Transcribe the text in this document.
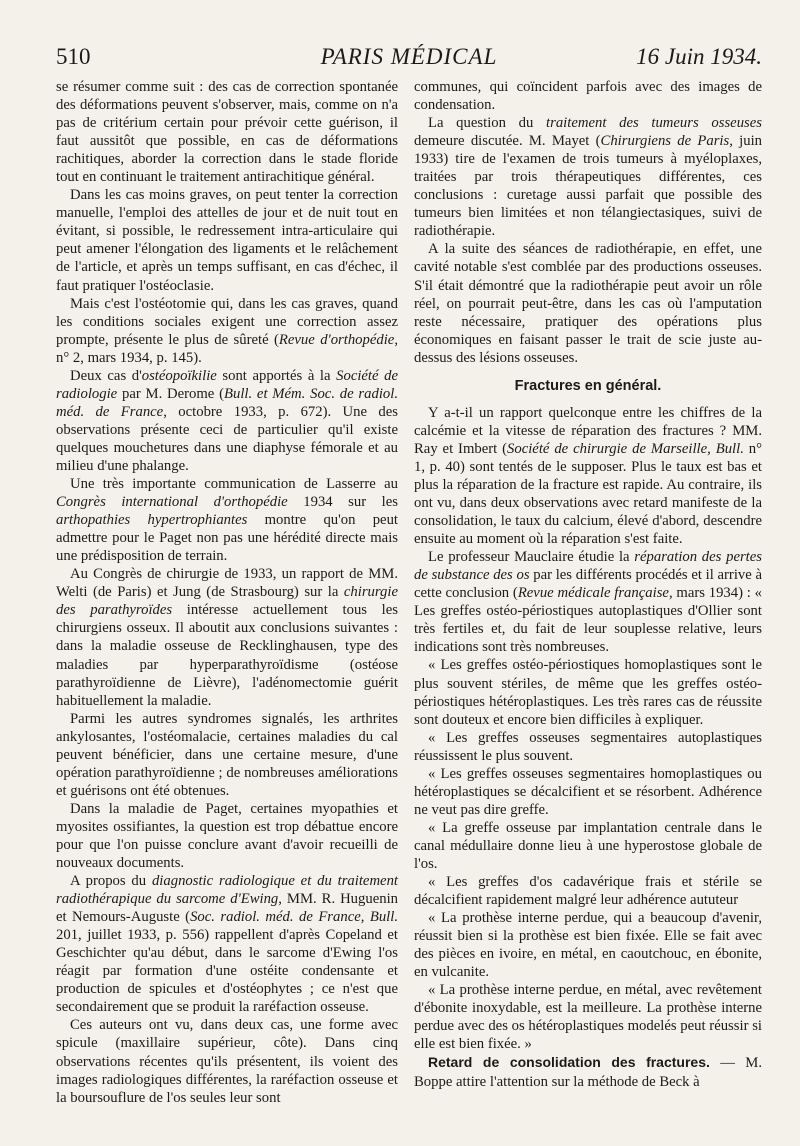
510	PARIS MÉDICAL	16 Juin 1934.

se résumer comme suit : des cas de correction spontanée des déformations peuvent s'observer, mais, comme on n'a pas de critérium certain pour prévoir cette guérison, il faut aussitôt que possible, en cas de déformations rachitiques, aborder la correction dans le stade floride tout en continuant le traitement antirachitique général.

Dans les cas moins graves, on peut tenter la correction manuelle, l'emploi des attelles de jour et de nuit tout en évitant, si possible, le redressement intra-articulaire qui peut amener l'élongation des ligaments et le relâchement de l'article, et après un temps suffisant, en cas d'échec, il faut pratiquer l'ostéoclasie.

Mais c'est l'ostéotomie qui, dans les cas graves, quand les conditions sociales exigent une correction assez prompte, présente le plus de sûreté (Revue d'orthopédie, n° 2, mars 1934, p. 145).

Deux cas d'ostéopoïkilie sont apportés à la Société de radiologie par M. Derome (Bull. et Mém. Soc. de radiol. méd. de France, octobre 1933, p. 672). Une des observations présente ceci de particulier qu'il existe quelques mouchetures dans une diaphyse fémorale et au milieu d'une phalange.

Une très importante communication de Lasserre au Congrès international d'orthopédie 1934 sur les arthopathies hypertrophiantes montre qu'on peut admettre pour le Paget non pas une hérédité directe mais une prédisposition de terrain.

Au Congrès de chirurgie de 1933, un rapport de MM. Welti (de Paris) et Jung (de Strasbourg) sur la chirurgie des parathyroïdes intéresse actuellement tous les chirurgiens osseux. Il aboutit aux conclusions suivantes : dans la maladie osseuse de Recklinghausen, type des maladies par hyperparathyroïdisme (ostéose parathyroïdienne de Lièvre), l'adénomectomie guérit habituellement la maladie.

Parmi les autres syndromes signalés, les arthrites ankylosantes, l'ostéomalacie, certaines maladies du cal peuvent bénéficier, dans une certaine mesure, d'une opération parathyroïdienne ; de nombreuses améliorations et guérisons ont été obtenues.

Dans la maladie de Paget, certaines myopathies et myosites ossifiantes, la question est trop débattue encore pour que l'on puisse conclure avant d'avoir recueilli de nouveaux documents.

A propos du diagnostic radiologique et du traitement radiothérapique du sarcome d'Ewing, MM. R. Huguenin et Nemours-Auguste (Soc. radiol. méd. de France, Bull. 201, juillet 1933, p. 556) rappellent d'après Copeland et Geschichter qu'au début, dans le sarcome d'Ewing l'os réagit par formation d'une ostéite condensante et production de spicules et d'ostéophytes ; ce n'est que secondairement que se produit la raréfaction osseuse.

Ces auteurs ont vu, dans deux cas, une forme avec spicule (maxillaire supérieur, côte). Dans cinq observations récentes qu'ils présentent, ils voient des images radiologiques différentes, la raréfaction osseuse et la boursouflure de l'os seules leur sont

communes, qui coïncident parfois avec des images de condensation.

La question du traitement des tumeurs osseuses demeure discutée. M. Mayet (Chirurgiens de Paris, juin 1933) tire de l'examen de trois tumeurs à myéloplaxes, traitées par trois thérapeutiques différentes, ces conclusions : curetage aussi parfait que possible des tumeurs bien limitées et non télangiectasiques, suivi de radiothérapie.

A la suite des séances de radiothérapie, en effet, une cavité notable s'est comblée par des productions osseuses. S'il était démontré que la radiothérapie peut avoir un rôle réel, on pourrait peut-être, dans les cas où l'amputation reste nécessaire, pratiquer des opérations plus économiques en faisant passer le trait de scie juste au-dessus des lésions osseuses.

Fractures en général.

Y a-t-il un rapport quelconque entre les chiffres de la calcémie et la vitesse de réparation des fractures ? MM. Ray et Imbert (Société de chirurgie de Marseille, Bull. n° 1, p. 40) sont tentés de le supposer. Plus le taux est bas et plus la réparation de la fracture est rapide. Au contraire, ils ont vu, dans deux observations avec retard manifeste de la consolidation, le taux du calcium, élevé d'abord, descendre ensuite au moment où la réparation s'est faite.

Le professeur Mauclaire étudie la réparation des pertes de substance des os par les différents procédés et il arrive à cette conclusion (Revue médicale française, mars 1934) : « Les greffes ostéo-périostiques autoplastiques d'Ollier sont très fertiles et, du fait de leur souplesse relative, leurs indications sont très nombreuses.

« Les greffes ostéo-périostiques homoplastiques sont le plus souvent stériles, de même que les greffes ostéo-périostiques hétéroplastiques. Les très rares cas de réussite sont douteux et encore bien difficiles à expliquer.

« Les greffes osseuses segmentaires autoplastiques réussissent le plus souvent.

« Les greffes osseuses segmentaires homoplastiques ou hétéroplastiques se décalcifient et se résorbent. Adhérence ne veut pas dire greffe.

« La greffe osseuse par implantation centrale dans le canal médullaire donne lieu à une hyperostose globale de l'os.

« Les greffes d'os cadavérique frais et stérile se décalcifient rapidement malgré leur adhérence aututeur

« La prothèse interne perdue, qui a beaucoup d'avenir, réussit bien si la prothèse est bien fixée. Elle se fait avec des pièces en ivoire, en métal, en caoutchouc, en ébonite, en vulcanite.

« La prothèse interne perdue, en métal, avec revêtement d'ébonite inoxydable, est la meilleure. La prothèse interne perdue avec des os hétéroplastiques modelés peut réussir si elle est bien fixée. »

Retard de consolidation des fractures. — M. Boppe attire l'attention sur la méthode de Beck à
